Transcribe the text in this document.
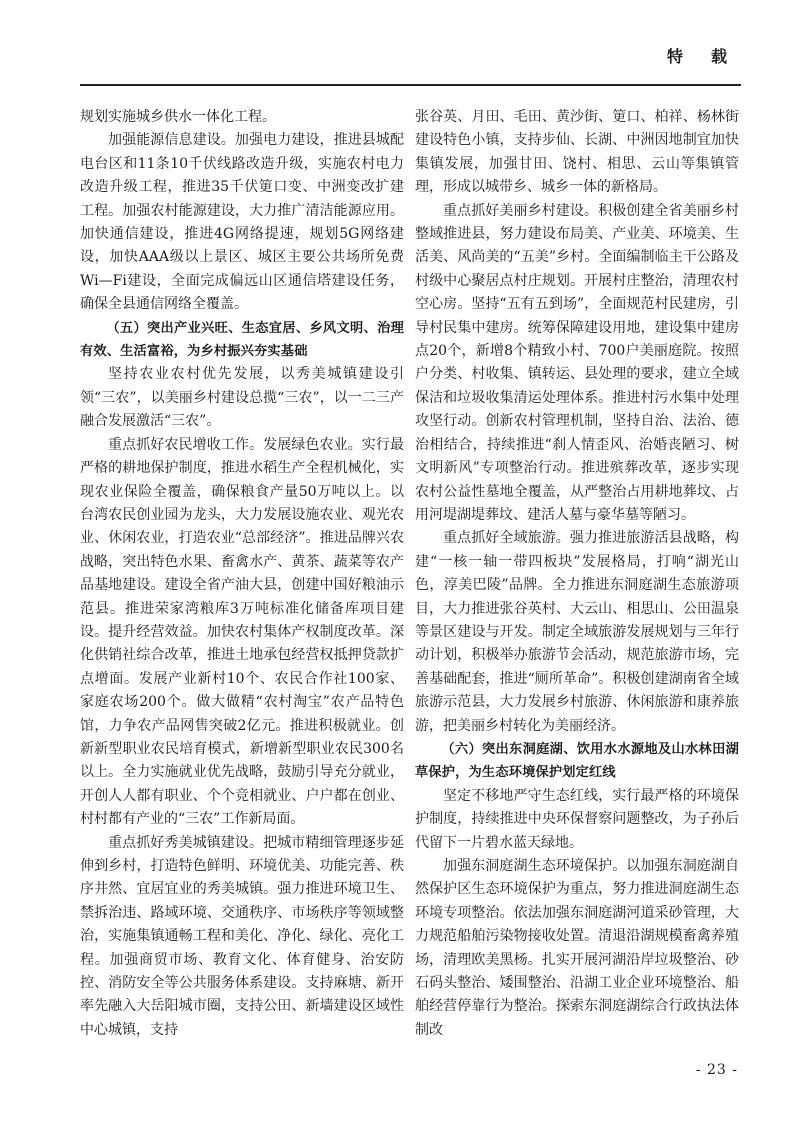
特　载

规划实施城乡供水一体化工程。

加强能源信息建设。加强电力建设，推进县城配电台区和11条10千伏线路改造升级，实施农村电力改造升级工程，推进35千伏筻口变、中洲变改扩建工程。加强农村能源建设，大力推广清洁能源应用。加快通信建设，推进4G网络提速，规划5G网络建设，加快AAA级以上景区、城区主要公共场所免费Wi—Fi建设，全面完成偏远山区通信塔建设任务，确保全县通信网络全覆盖。

（五）突出产业兴旺、生态宜居、乡风文明、治理有效、生活富裕，为乡村振兴夯实基础

坚持农业农村优先发展，以秀美城镇建设引领“三农”，以美丽乡村建设总揽“三农”，以一二三产融合发展激活“三农”。

重点抓好农民增收工作。发展绿色农业。实行最严格的耕地保护制度，推进水稻生产全程机械化，实现农业保险全覆盖，确保粮食产量50万吨以上。以台湾农民创业园为龙头，大力发展设施农业、观光农业、休闲农业，打造农业“总部经济”。推进品牌兴农战略，突出特色水果、畜禽水产、黄茶、蔬菜等农产品基地建设。建设全省产油大县，创建中国好粮油示范县。推进荣家湾粮库3万吨标准化储备库项目建设。提升经营效益。加快农村集体产权制度改革。深化供销社综合改革，推进土地承包经营权抵押贷款扩点增面。发展产业新村10个、农民合作社100家、家庭农场200个。做大做精“农村淘宝”农产品特色馆，力争农产品网售突破2亿元。推进积极就业。创新新型职业农民培育模式，新增新型职业农民300名以上。全力实施就业优先战略，鼓励引导充分就业，开创人人都有职业、个个竞相就业、户户都在创业、村村都有产业的“三农”工作新局面。

重点抓好秀美城镇建设。把城市精细管理逐步延伸到乡村，打造特色鲜明、环境优美、功能完善、秩序井然、宜居宜业的秀美城镇。强力推进环境卫生、禁拆治违、路域环境、交通秩序、市场秩序等领域整治，实施集镇通畅工程和美化、净化、绿化、亮化工程。加强商贸市场、教育文化、体育健身、治安防控、消防安全等公共服务体系建设。支持麻塘、新开率先融入大岳阳城市圈，支持公田、新墙建设区域性中心城镇，支持

张谷英、月田、毛田、黄沙街、筻口、柏祥、杨林街建设特色小镇，支持步仙、长湖、中洲因地制宜加快集镇发展，加强甘田、饶村、相思、云山等集镇管理，形成以城带乡、城乡一体的新格局。

重点抓好美丽乡村建设。积极创建全省美丽乡村整域推进县，努力建设布局美、产业美、环境美、生活美、风尚美的“五美”乡村。全面编制临主干公路及村级中心聚居点村庄规划。开展村庄整治，清理农村空心房。坚持“五有五到场”，全面规范村民建房，引导村民集中建房。统筹保障建设用地，建设集中建房点20个，新增8个精致小村、700户美丽庭院。按照户分类、村收集、镇转运、县处理的要求，建立全域保洁和垃圾收集清运处理体系。推进村污水集中处理攻坚行动。创新农村管理机制，坚持自治、法治、德治相结合，持续推进“刹人情歪风、治婚丧陋习、树文明新风”专项整治行动。推进殡葬改革，逐步实现农村公益性墓地全覆盖，从严整治占用耕地葬坟、占用河堤湖堤葬坟、建活人墓与豪华墓等陋习。

重点抓好全域旅游。强力推进旅游活县战略，构建“一核一轴一带四板块”发展格局，打响“湖光山色，淳美巴陵”品牌。全力推进东洞庭湖生态旅游项目，大力推进张谷英村、大云山、相思山、公田温泉等景区建设与开发。制定全域旅游发展规划与三年行动计划，积极举办旅游节会活动，规范旅游市场，完善基础配套，推进“厕所革命”。积极创建湖南省全域旅游示范县，大力发展乡村旅游、休闲旅游和康养旅游，把美丽乡村转化为美丽经济。

（六）突出东洞庭湖、饮用水水源地及山水林田湖草保护，为生态环境保护划定红线

坚定不移地严守生态红线，实行最严格的环境保护制度，持续推进中央环保督察问题整改，为子孙后代留下一片碧水蓝天绿地。

加强东洞庭湖生态环境保护。以加强东洞庭湖自然保护区生态环境保护为重点，努力推进洞庭湖生态环境专项整治。依法加强东洞庭湖河道采砂管理，大力规范船舶污染物接收处置。清退沿湖规模畜禽养殖场，清理欧美黑杨。扎实开展河湖沿岸垃圾整治、砂石码头整治、矮围整治、沿湖工业企业环境整治、船舶经营停靠行为整治。探索东洞庭湖综合行政执法体制改

- 23 -
